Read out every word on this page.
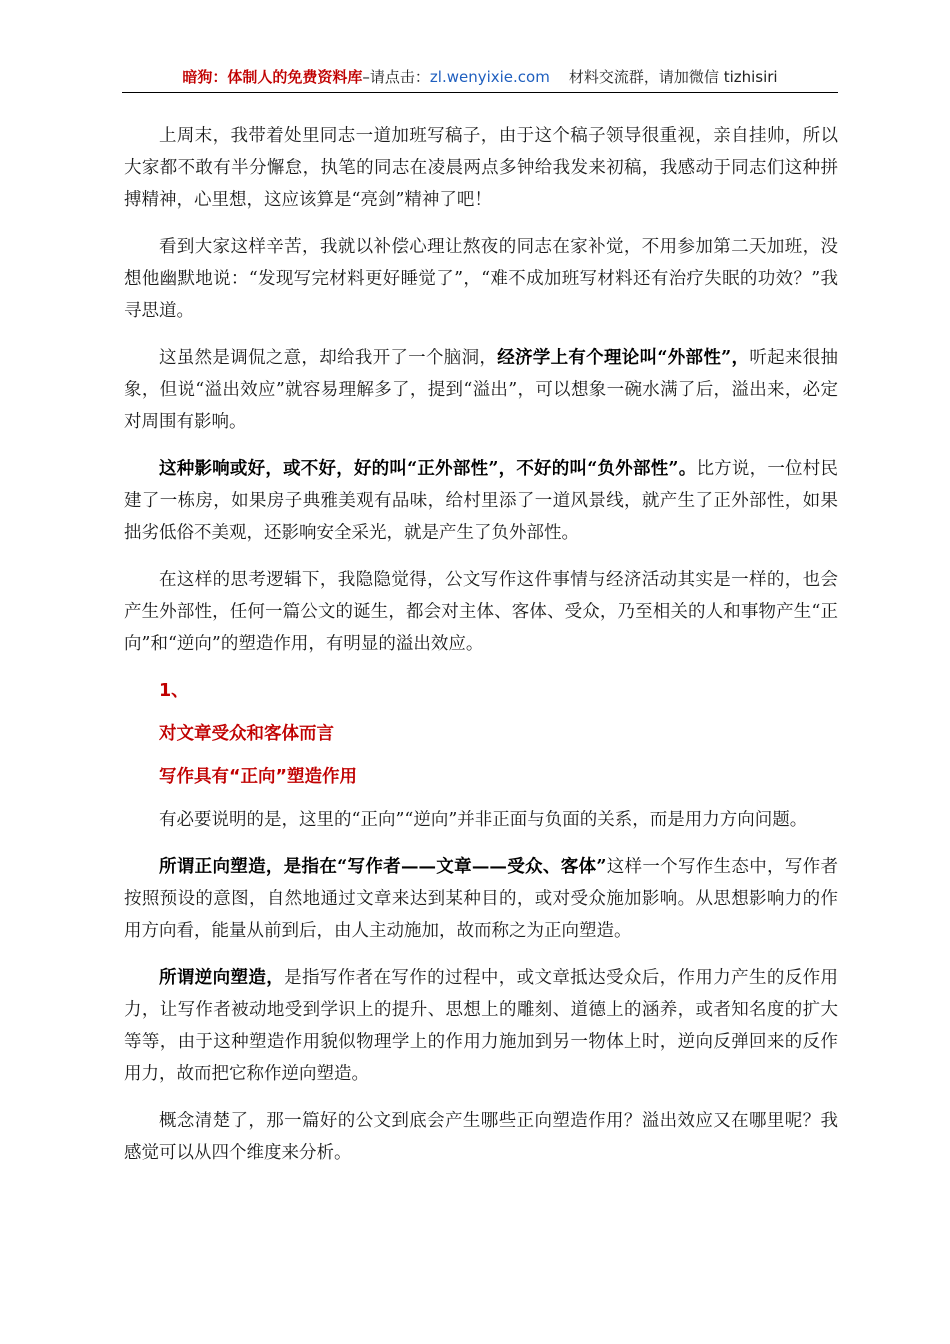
暗狗：体制人的免费资料库–请点击：zl.wenyixie.com 材料交流群，请加微信 tizhisiri

上周末，我带着处里同志一道加班写稿子，由于这个稿子领导很重视，亲自挂帅，所以大家都不敢有半分懈怠，执笔的同志在凌晨两点多钟给我发来初稿，我感动于同志们这种拼搏精神，心里想，这应该算是“亮剑”精神了吧！

看到大家这样辛苦，我就以补偿心理让熬夜的同志在家补觉，不用参加第二天加班，没想他幽默地说：“发现写完材料更好睡觉了”，“难不成加班写材料还有治疗失眠的功效？”我寻思道。

这虽然是调侃之意，却给我开了一个脑洞，经济学上有个理论叫“外部性”，听起来很抽象，但说“溢出效应”就容易理解多了，提到“溢出”，可以想象一碗水满了后，溢出来，必定对周围有影响。

这种影响或好，或不好，好的叫“正外部性”，不好的叫“负外部性”。比方说，一位村民建了一栋房，如果房子典雅美观有品味，给村里添了一道风景线，就产生了正外部性，如果拙劣低俗不美观，还影响安全采光，就是产生了负外部性。

在这样的思考逻辑下，我隐隐觉得，公文写作这件事情与经济活动其实是一样的，也会产生外部性，任何一篇公文的诞生，都会对主体、客体、受众，乃至相关的人和事物产生“正向”和“逆向”的塑造作用，有明显的溢出效应。

1、
对文章受众和客体而言
写作具有“正向”塑造作用

有必要说明的是，这里的“正向”“逆向”并非正面与负面的关系，而是用力方向问题。

所谓正向塑造，是指在“写作者——文章——受众、客体”这样一个写作生态中，写作者按照预设的意图，自然地通过文章来达到某种目的，或对受众施加影响。从思想影响力的作用方向看，能量从前到后，由人主动施加，故而称之为正向塑造。

所谓逆向塑造，是指写作者在写作的过程中，或文章抵达受众后，作用力产生的反作用力，让写作者被动地受到学识上的提升、思想上的雕刻、道德上的涵养，或者知名度的扩大等等，由于这种塑造作用貌似物理学上的作用力施加到另一物体上时，逆向反弹回来的反作用力，故而把它称作逆向塑造。

概念清楚了，那一篇好的公文到底会产生哪些正向塑造作用？溢出效应又在哪里呢？我感觉可以从四个维度来分析。
